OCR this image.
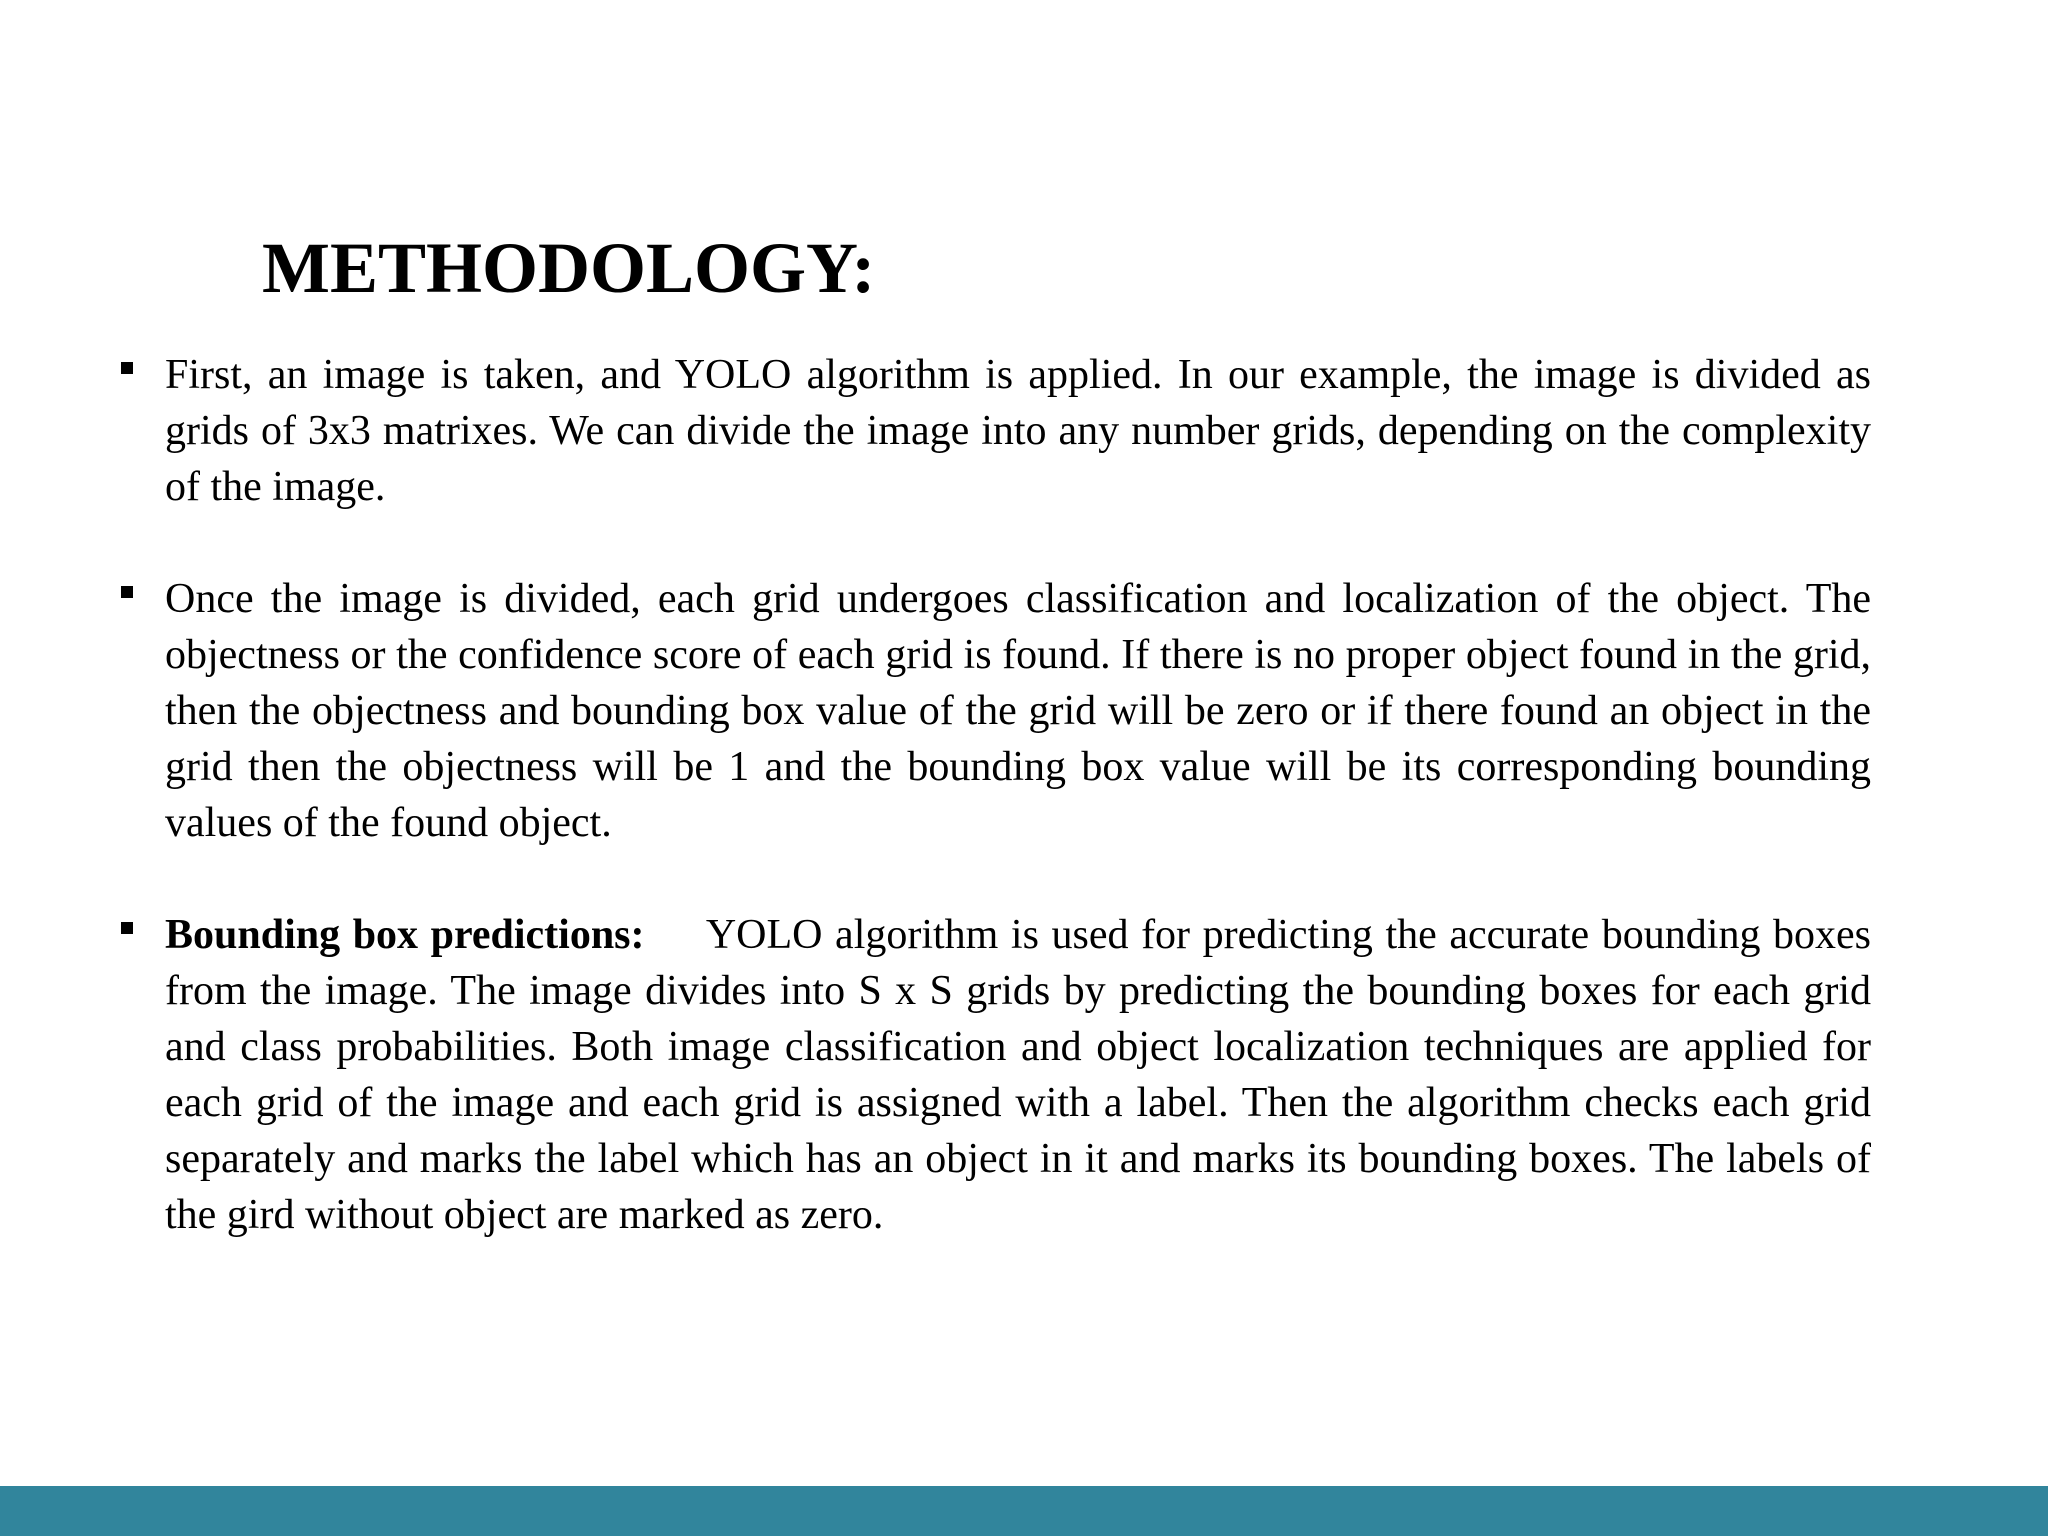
METHODOLOGY:

First, an image is taken, and YOLO algorithm is applied. In our example, the image is divided as grids of 3x3 matrixes. We can divide the image into any number grids, depending on the complexity of the image.

Once the image is divided, each grid undergoes classification and localization of the object. The objectness or the confidence score of each grid is found. If there is no proper object found in the grid, then the objectness and bounding box value of the grid will be zero or if there found an object in the grid then the objectness will be 1 and the bounding box value will be its corresponding bounding values of the found object.

Bounding box predictions: YOLO algorithm is used for predicting the accurate bounding boxes from the image. The image divides into S x S grids by predicting the bounding boxes for each grid and class probabilities. Both image classification and object localization techniques are applied for each grid of the image and each grid is assigned with a label. Then the algorithm checks each grid separately and marks the label which has an object in it and marks its bounding boxes. The labels of the gird without object are marked as zero.
